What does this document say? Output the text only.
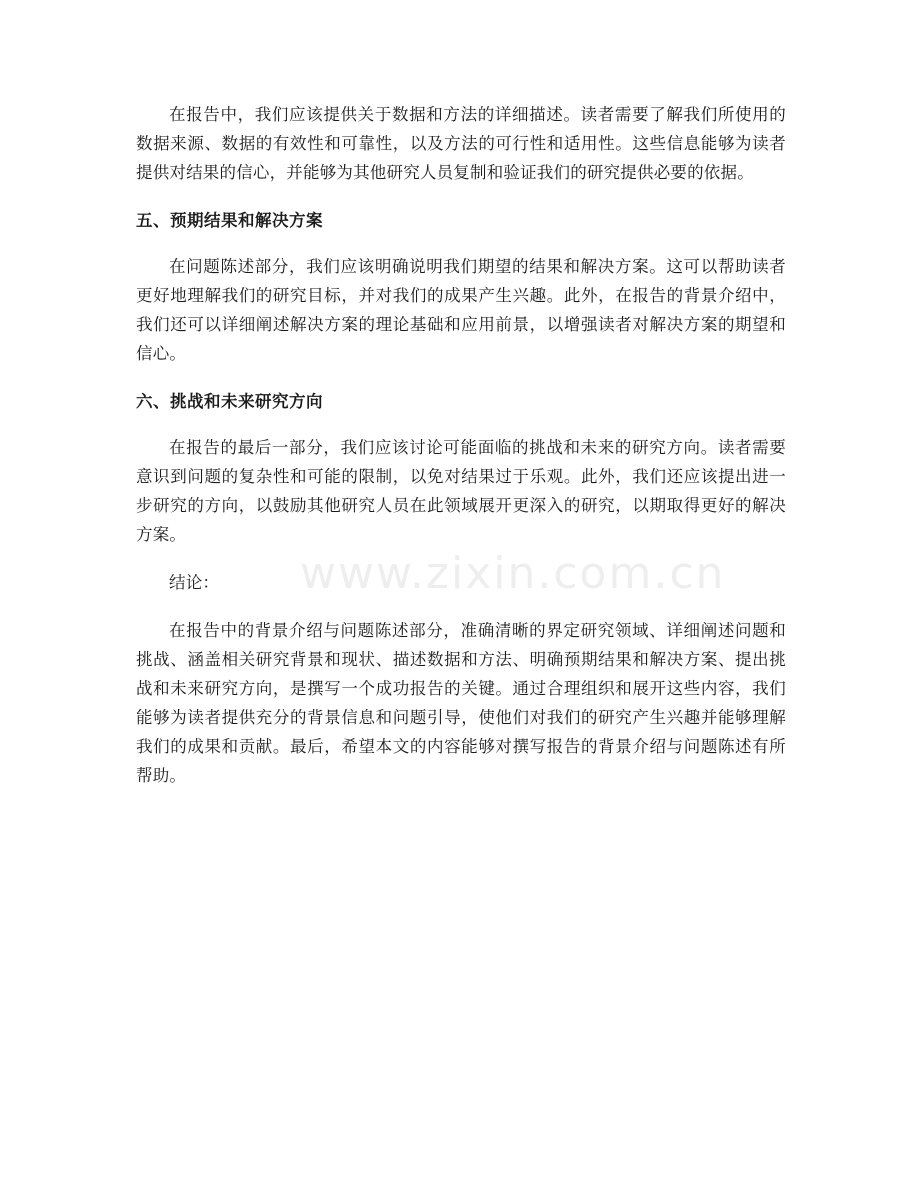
在报告中，我们应该提供关于数据和方法的详细描述。读者需要了解我们所使用的数据来源、数据的有效性和可靠性，以及方法的可行性和适用性。这些信息能够为读者提供对结果的信心，并能够为其他研究人员复制和验证我们的研究提供必要的依据。

五、预期结果和解决方案

在问题陈述部分，我们应该明确说明我们期望的结果和解决方案。这可以帮助读者更好地理解我们的研究目标，并对我们的成果产生兴趣。此外，在报告的背景介绍中，我们还可以详细阐述解决方案的理论基础和应用前景，以增强读者对解决方案的期望和信心。

六、挑战和未来研究方向

在报告的最后一部分，我们应该讨论可能面临的挑战和未来的研究方向。读者需要意识到问题的复杂性和可能的限制，以免对结果过于乐观。此外，我们还应该提出进一步研究的方向，以鼓励其他研究人员在此领域展开更深入的研究，以期取得更好的解决方案。

结论：

在报告中的背景介绍与问题陈述部分，准确清晰的界定研究领域、详细阐述问题和挑战、涵盖相关研究背景和现状、描述数据和方法、明确预期结果和解决方案、提出挑战和未来研究方向，是撰写一个成功报告的关键。通过合理组织和展开这些内容，我们能够为读者提供充分的背景信息和问题引导，使他们对我们的研究产生兴趣并能够理解我们的成果和贡献。最后，希望本文的内容能够对撰写报告的背景介绍与问题陈述有所帮助。

www.zixin.com.cn
